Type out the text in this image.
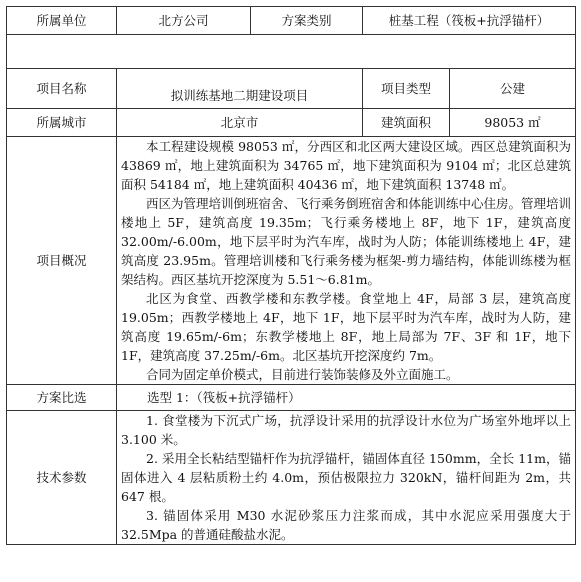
所属单位	北方公司	方案类别	桩基工程（筏板+抗浮锚杆）	

项目名称	拟训练基地二期建设项目		项目类型	公建
所属城市	北京市		建筑面积	98053 ㎡
项目概况	本工程建设规模 98053 ㎡，分西区和北区两大建设区域。西区总建筑面积为 43869 ㎡，地上建筑面积为 34765 ㎡，地下建筑面积为 9104 ㎡；北区总建筑面积 54184 ㎡，地上建筑面积 40436 ㎡，地下建筑面积 13748 ㎡。

西区为管理培训倒班宿舍、飞行乘务倒班宿舍和体能训练中心住房。管理培训楼地上 5F，建筑高度 19.35m；飞行乘务楼地上 8F，地下 1F，建筑高度 32.00m/-6.00m，地下层平时为汽车库，战时为人防；体能训练楼地上 4F，建筑高度 23.95m。管理培训楼和飞行乘务楼为框架-剪力墙结构，体能训练楼为框架结构。西区基坑开挖深度为 5.51～6.81m。

北区为食堂、西教学楼和东教学楼。食堂地上 4F，局部 3 层，建筑高度 19.05m；西教学楼地上 4F，地下 1F，地下层平时为汽车库，战时为人防，建筑高度 19.65m/-6m；东教学楼地上 8F，地上局部为 7F、3F 和 1F，地下 1F，建筑高度 37.25m/-6m。北区基坑开挖深度约 7m。

合同为固定单价模式，目前进行装饰装修及外立面施工。			

方案比选	选型 1：（筏板+抗浮锚杆）			
技术参数	1. 食堂楼为下沉式广场，抗浮设计采用的抗浮设计水位为广场室外地坪以上 3.100 米。

2. 采用全长粘结型锚杆作为抗浮锚杆，锚固体直径 150mm，全长 11m，锚固体进入 4 层粘质粉土约 4.0m，预估极限拉力 320kN，锚杆间距为 2m，共 647 根。

3. 锚固体采用 M30 水泥砂浆压力注浆而成，其中水泥应采用强度大于 32.5Mpa 的普通硅酸盐水泥。			
